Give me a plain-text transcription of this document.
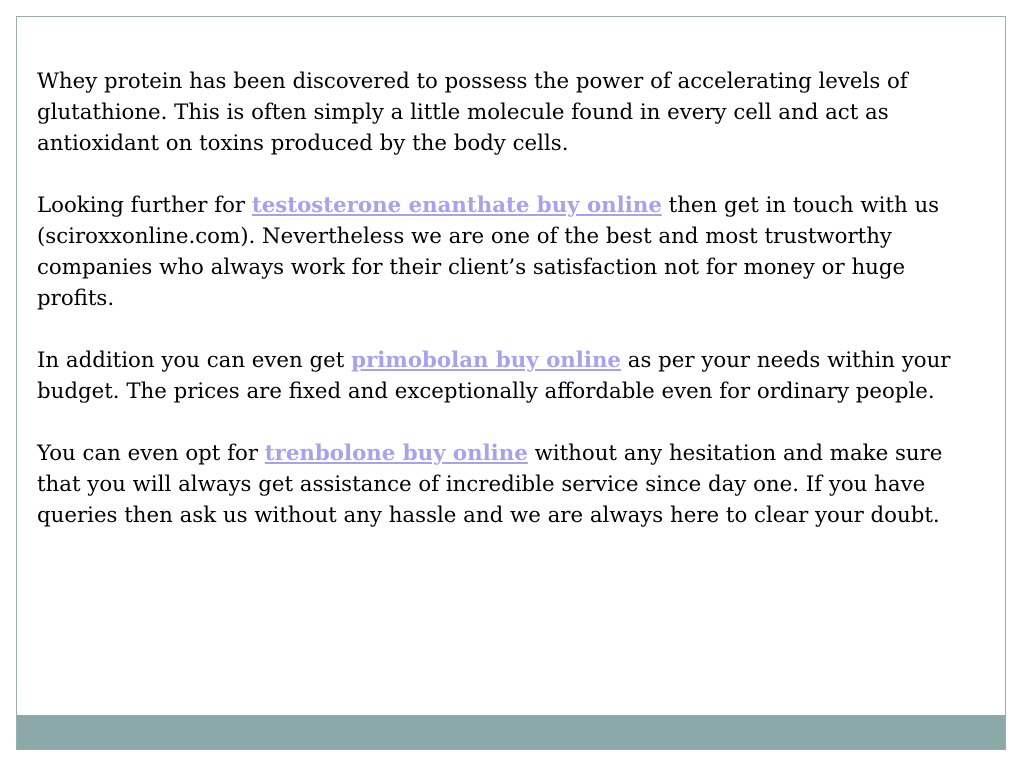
Whey protein has been discovered to possess the power of accelerating levels of glutathione. This is often simply a little molecule found in every cell and act as antioxidant on toxins produced by the body cells.

Looking further for testosterone enanthate buy online then get in touch with us (sciroxxonline.com). Nevertheless we are one of the best and most trustworthy companies who always work for their client’s satisfaction not for money or huge profits.

In addition you can even get primobolan buy online as per your needs within your budget. The prices are fixed and exceptionally affordable even for ordinary people.

You can even opt for trenbolone buy online without any hesitation and make sure that you will always get assistance of incredible service since day one. If you have queries then ask us without any hassle and we are always here to clear your doubt.
